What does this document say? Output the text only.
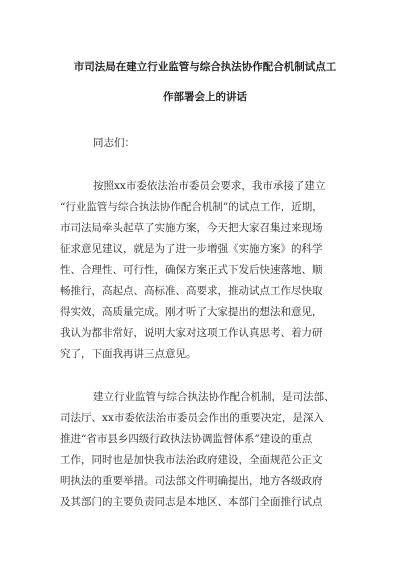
市司法局在建立行业监管与综合执法协作配合机制试点工
作部署会上的讲话
同志们：
按照xx市委依法治市委员会要求，我市承接了建立
“行业监管与综合执法协作配合机制”的试点工作，近期，
市司法局牵头起草了实施方案，今天把大家召集过来现场
征求意见建议，就是为了进一步增强《实施方案》的科学
性、合理性、可行性，确保方案正式下发后快速落地、顺
畅推行，高起点、高标准、高要求，推动试点工作尽快取
得实效，高质量完成。刚才听了大家提出的想法和意见，
我认为都非常好，说明大家对这项工作认真思考、着力研
究了，下面我再讲三点意见。
建立行业监管与综合执法协作配合机制，是司法部、
司法厅、xx市委依法治市委员会作出的重要决定，是深入
推进“省市县乡四级行政执法协调监督体系”建设的重点
工作，同时也是加快我市法治政府建设，全面规范公正文
明执法的重要举措。司法部文件明确提出，地方各级政府
及其部门的主要负责同志是本地区、本部门全面推行试点
